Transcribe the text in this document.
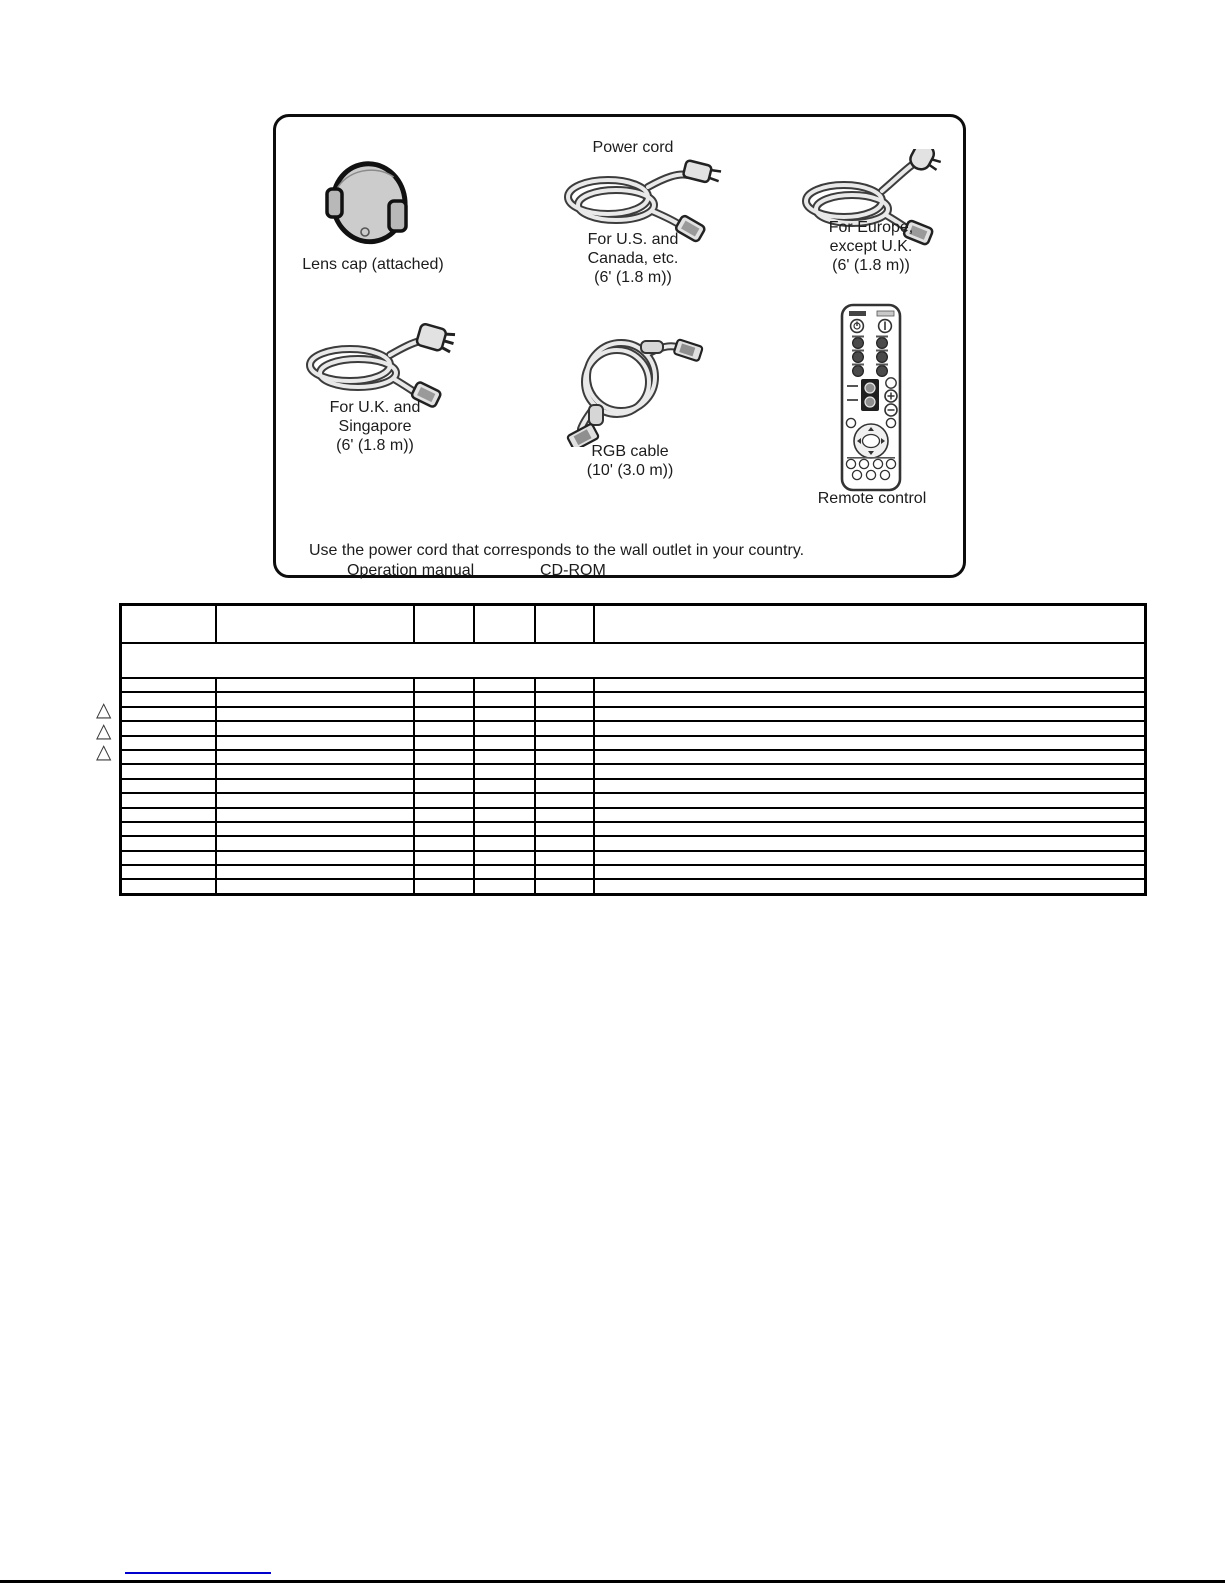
Power cord
Lens cap (attached)
For U.S. and
Canada, etc.
(6' (1.8 m))
For Europe,
except U.K.
(6' (1.8 m))
For U.K. and
Singapore
(6' (1.8 m))	RGB cable
(10' (3.0 m))
Remote control
Use the power cord that corresponds to the wall outlet in your country.
Operation manual	CD-ROM

△
△
△
